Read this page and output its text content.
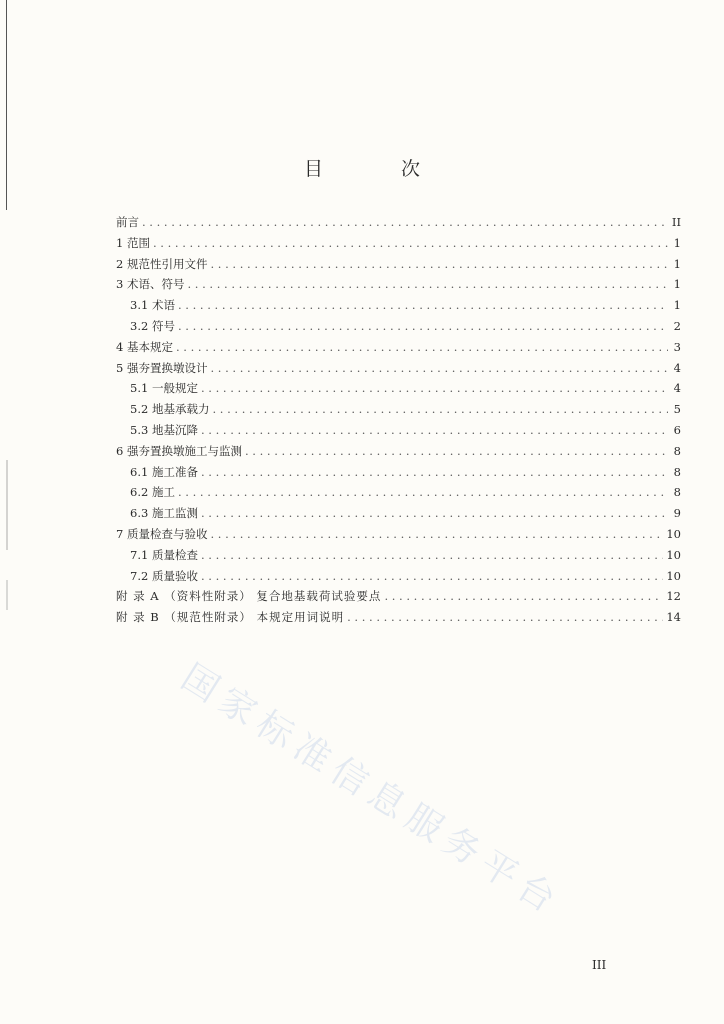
目 次
前言 . . .	II
1 范围 . . .	1
2 规范性引用文件 . . .	1
3 术语、符号 . . .	1
3.1 术语 . . .	1
3.2 符号 . . .	2
4 基本规定 . . .	3
5 强夯置换墩设计 . . .	4
5.1 一般规定 . . .	4
5.2 地基承载力 . . .	5
5.3 地基沉降 . . .	6
6 强夯置换墩施工与监测 . . .	8
6.1 施工准备 . . .	8
6.2 施工 . . .	8
6.3 施工监测 . . .	9
7 质量检查与验收 . . .	10
7.1 质量检查 . . .	10
7.2 质量验收 . . .	10
附 录 A （资料性附录） 复合地基载荷试验要点 . . .	12
附 录 B （规范性附录） 本规定用词说明 . . .	14
国家标准信息服务平台
III
